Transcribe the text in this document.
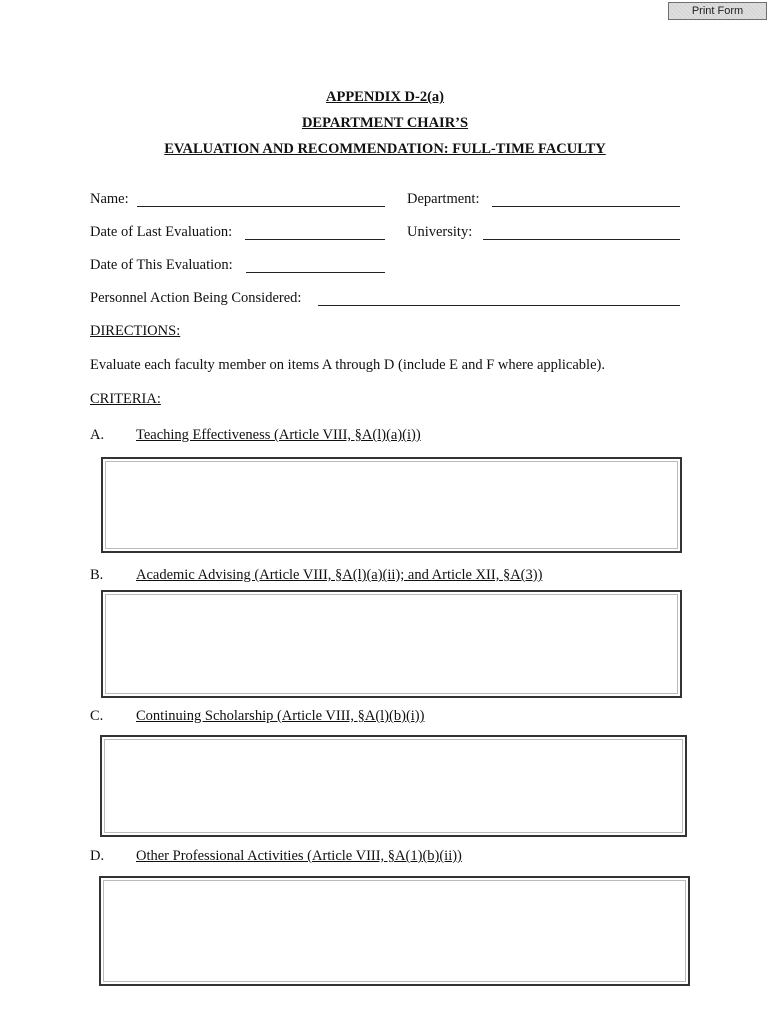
Print Form
APPENDIX D-2(a)
DEPARTMENT CHAIR’S
EVALUATION AND RECOMMENDATION: FULL-TIME FACULTY
Name:	Department:
Date of Last Evaluation:	University:
Date of This Evaluation:
Personnel Action Being Considered:
DIRECTIONS:
Evaluate each faculty member on items A through D (include E and F where applicable).
CRITERIA:
A. Teaching Effectiveness (Article VIII, §A(l)(a)(i))
B. Academic Advising (Article VIII, §A(l)(a)(ii); and Article XII, §A(3))
C. Continuing Scholarship (Article VIII, §A(l)(b)(i))
D. Other Professional Activities (Article VIII, §A(1)(b)(ii))
